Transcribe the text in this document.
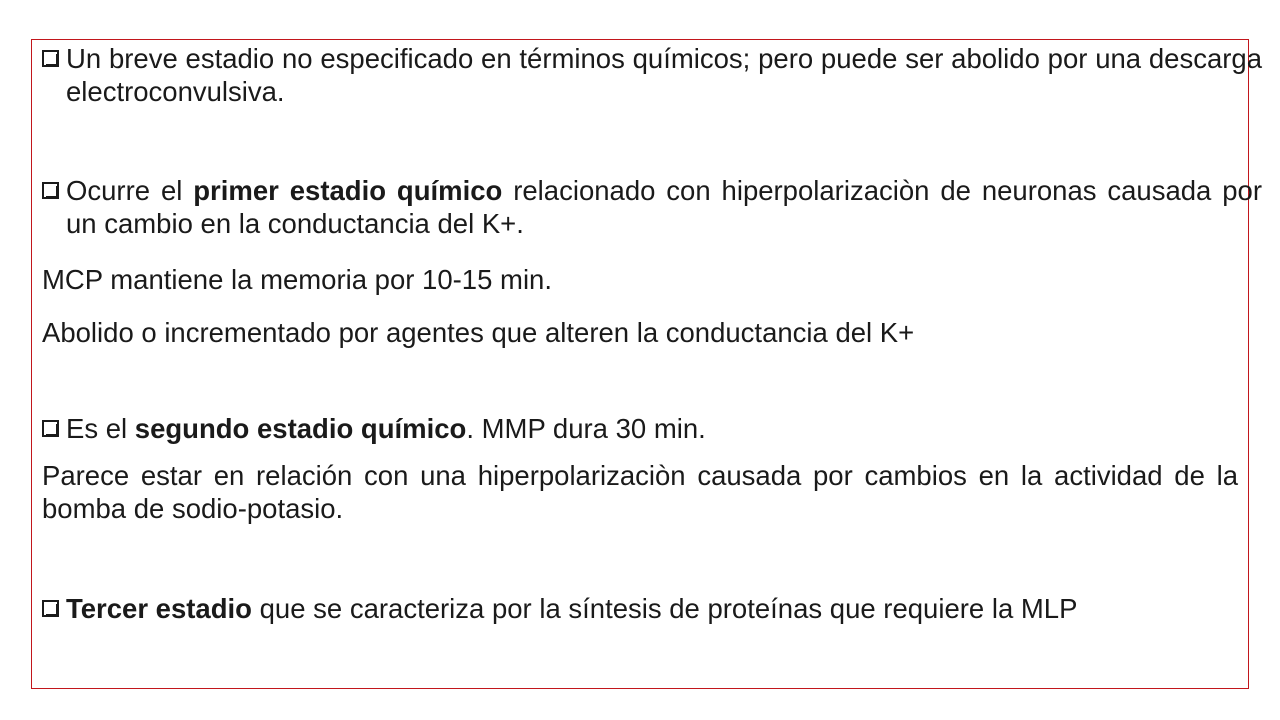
Un breve estadio no especificado en términos químicos; pero puede ser abolido por una descarga electroconvulsiva.
Ocurre el primer estadio químico relacionado con hiperpolarizaciòn de neuronas causada por un cambio en la conductancia del K+.
MCP mantiene la memoria por 10-15 min.
Abolido o incrementado por agentes que alteren la conductancia del K+
Es el segundo estadio químico. MMP dura 30 min.
Parece estar en relación con una hiperpolarizaciòn causada por cambios en la actividad de la bomba de sodio-potasio.
Tercer estadio que se caracteriza por la síntesis de proteínas que requiere la MLP
